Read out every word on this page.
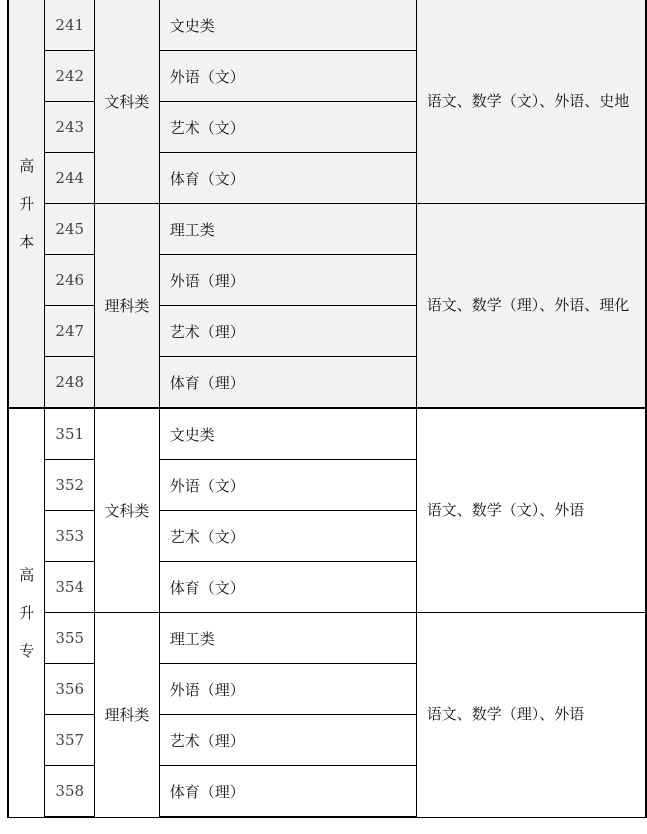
高
升
本	241	文科类	文史类	语文、数学（文）、外语、史地
	242		外语（文）	
	243		艺术（文）	
	244		体育（文）	
	245	理科类	理工类	语文、数学（理）、外语、理化
	246		外语（理）	
	247		艺术（理）	
	248		体育（理）	
高
升
专	351	文科类	文史类	语文、数学（文）、外语
	352		外语（文）	
	353		艺术（文）	
	354		体育（文）	
	355	理科类	理工类	语文、数学（理）、外语
	356		外语（理）	
	357		艺术（理）	
	358		体育（理）	
